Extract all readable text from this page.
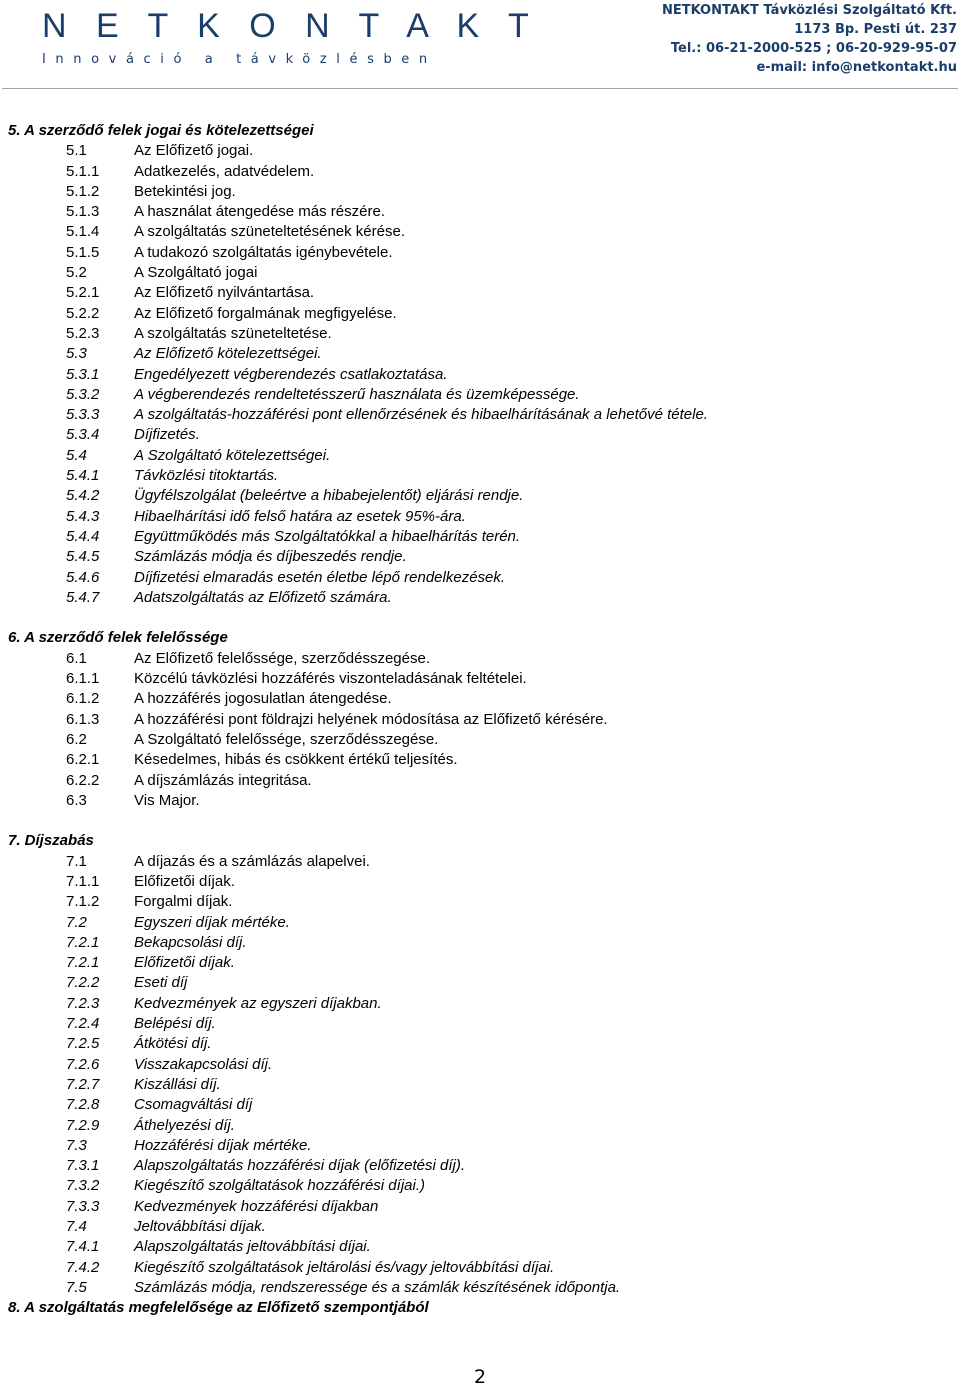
N E T K O N T A K T
Innováció a távközlésben
NETKONTAKT Távközlési Szolgáltató Kft.
1173 Bp. Pesti út. 237
Tel.: 06-21-2000-525 ; 06-20-929-95-07
e-mail: info@netkontakt.hu
5. A szerződő felek jogai és kötelezettségei
5.1	Az Előfizető jogai.
5.1.1 Adatkezelés, adatvédelem.
5.1.2 Betekintési jog.
5.1.3 A használat átengedése más részére.
5.1.4 A szolgáltatás szüneteltetésének kérése.
5.1.5 A tudakozó szolgáltatás igénybevétele.
5.2	A Szolgáltató jogai
5.2.1 Az Előfizető nyilvántartása.
5.2.2 Az Előfizető forgalmának megfigyelése.
5.2.3 A szolgáltatás szüneteltetése.
5.3	Az Előfizető kötelezettségei.
5.3.1 Engedélyezett végberendezés csatlakoztatása.
5.3.2 A végberendezés rendeltetésszerű használata és üzemképessége.
5.3.3 A szolgáltatás-hozzáférési pont ellenőrzésének és hibaelhárításának a lehetővé tétele.
5.3.4 Díjfizetés.
5.4	A Szolgáltató kötelezettségei.
5.4.1 Távközlési titoktartás.
5.4.2 Ügyfélszolgálat (beleértve a hibabejelentőt) eljárási rendje.
5.4.3 Hibaelhárítási idő felső határa az esetek 95%-ára.
5.4.4 Együttműködés más Szolgáltatókkal a hibaelhárítás terén.
5.4.5 Számlázás módja és díjbeszedés rendje.
5.4.6 Díjfizetési elmaradás esetén életbe lépő rendelkezések.
5.4.7 Adatszolgáltatás az Előfizető számára.
6. A szerződő felek felelőssége
6.1	Az Előfizető felelőssége, szerződésszegése.
6.1.1 Közcélú távközlési hozzáférés viszonteladásának feltételei.
6.1.2 A hozzáférés jogosulatlan átengedése.
6.1.3 A hozzáférési pont földrajzi helyének módosítása az Előfizető kérésére.
6.2	A Szolgáltató felelőssége, szerződésszegése.
6.2.1 Késedelmes, hibás és csökkent értékű teljesítés.
6.2.2 A díjszámlázás integritása.
6.3	Vis Major.
7. Díjszabás
7.1	A díjazás és a számlázás alapelvei.
7.1.1 Előfizetői díjak.
7.1.2 Forgalmi díjak.
7.2	Egyszeri díjak mértéke.
7.2.1 Bekapcsolási díj.
7.2.1 Előfizetői díjak.
7.2.2 Eseti díj
7.2.3 Kedvezmények az egyszeri díjakban.
7.2.4 Belépési díj.
7.2.5 Átkötési díj.
7.2.6 Visszakapcsolási díj.
7.2.7 Kiszállási díj.
7.2.8 Csomagváltási díj
7.2.9 Áthelyezési díj.
7.3	Hozzáférési díjak mértéke.
7.3.1 Alapszolgáltatás hozzáférési díjak (előfizetési díj).
7.3.2 Kiegészítő szolgáltatások hozzáférési díjai.)
7.3.3 Kedvezmények hozzáférési díjakban
7.4	Jeltovábbítási díjak.
7.4.1 Alapszolgáltatás jeltovábbítási díjai.
7.4.2 Kiegészítő szolgáltatások jeltárolási és/vagy jeltovábbítási díjai.
7.5	Számlázás módja, rendszeressége és a számlák készítésének időpontja.
8. A szolgáltatás megfelelősége az Előfizető szempontjából
2
